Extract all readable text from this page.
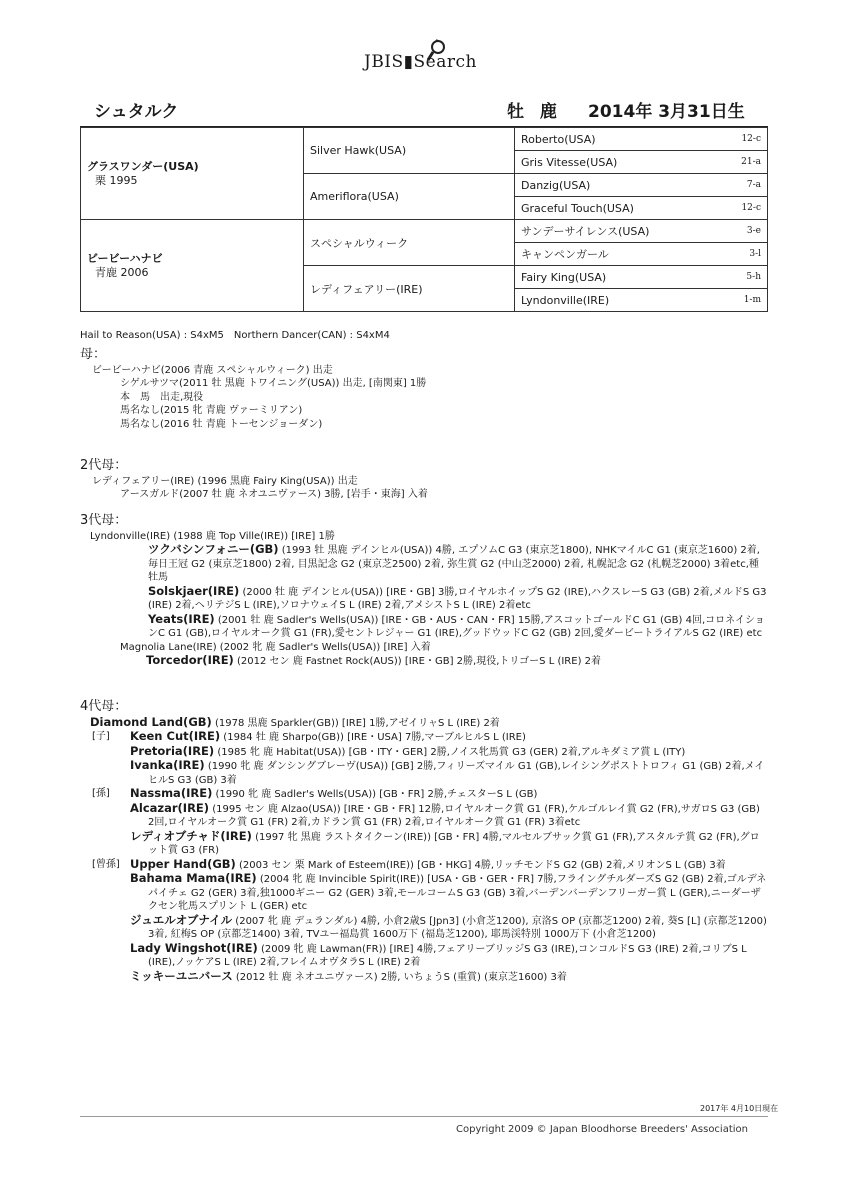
JBIS▮Search
シュタルク	牡 鹿 2014年 3月31日生
グラスワンダー(USA)
栗 1995	Silver Hawk(USA)	Roberto(USA)	12-c
		Gris Vitesse(USA)	21-a
	Ameriflora(USA)	Danzig(USA)	7-a
		Graceful Touch(USA)	12-c

ビービーハナビ
青鹿 2006	スペシャルウィーク	サンデーサイレンス(USA)	3-e
		キャンペンガール	3-l
	レディフェアリー(IRE)	Fairy King(USA)	5-h
		Lyndonville(IRE)	1-m
Hail to Reason(USA) : S4xM5　Northern Dancer(CAN) : S4xM4
母：
ビービーハナビ(2006 青鹿 スペシャルウィーク) 出走
シゲルサツマ(2011 牡 黒鹿 トワイニング(USA)) 出走, [南関東] 1勝
本　馬　出走,現役
馬名なし(2015 牝 青鹿 ヴァーミリアン)
馬名なし(2016 牡 青鹿 トーセンジョーダン)
2代母：
レディフェアリー(IRE) (1996 黒鹿 Fairy King(USA)) 出走
アースガルド(2007 牡 鹿 ネオユニヴァース) 3勝, [岩手・東海] 入着
3代母：
Lyndonville(IRE) (1988 鹿 Top Ville(IRE)) [IRE] 1勝
ツクバシンフォニー(GB) (1993 牡 黒鹿 デインヒル(USA)) 4勝, エプソムC G3 (東京芝1800), NHKマイルC G1 (東京芝1600) 2着, 毎日王冠 G2 (東京芝1800) 2着, 目黒記念 G2 (東京芝2500) 2着, 弥生賞 G2 (中山芝2000) 2着, 札幌記念 G2 (札幌芝2000) 3着etc,種牡馬
Solskjaer(IRE) (2000 牡 鹿 デインヒル(USA)) [IRE・GB] 3勝,ロイヤルホイップS G2 (IRE),ハクスレーS G3 (GB) 2着,メルドS G3 (IRE) 2着,ヘリテジS L (IRE),ソロナウェイS L (IRE) 2着,アメシストS L (IRE) 2着etc
Yeats(IRE) (2001 牡 鹿 Sadler's Wells(USA)) [IRE・GB・AUS・CAN・FR] 15勝,アスコットゴールドC G1 (GB) 4回,コロネイションC G1 (GB),ロイヤルオーク賞 G1 (FR),愛セントレジャー G1 (IRE),グッドウッドC G2 (GB) 2回,愛ダービートライアルS G2 (IRE) etc
Magnolia Lane(IRE) (2002 牝 鹿 Sadler's Wells(USA)) [IRE] 入着
Torcedor(IRE) (2012 セン 鹿 Fastnet Rock(AUS)) [IRE・GB] 2勝,現役,トリゴーS L (IRE) 2着
4代母：
Diamond Land(GB) (1978 黒鹿 Sparkler(GB)) [IRE] 1勝,アゼイリャS L (IRE) 2着
[子] Keen Cut(IRE) (1984 牡 鹿 Sharpo(GB)) [IRE・USA] 7勝,マーブルヒルS L (IRE)
Pretoria(IRE) (1985 牝 鹿 Habitat(USA)) [GB・ITY・GER] 2勝,ノイス牝馬賞 G3 (GER) 2着,アルキダミア賞 L (ITY)
Ivanka(IRE) (1990 牝 鹿 ダンシングブレーヴ(USA)) [GB] 2勝,フィリーズマイル G1 (GB),レイシングポストトロフィ G1 (GB) 2着,メイヒルS G3 (GB) 3着
[孫] Nassma(IRE) (1990 牝 鹿 Sadler's Wells(USA)) [GB・FR] 2勝,チェスターS L (GB)
Alcazar(IRE) (1995 セン 鹿 Alzao(USA)) [IRE・GB・FR] 12勝,ロイヤルオーク賞 G1 (FR),ケルゴルレイ賞 G2 (FR),サガロS G3 (GB) 2回,ロイヤルオーク賞 G1 (FR) 2着,カドラン賞 G1 (FR) 2着,ロイヤルオーク賞 G1 (FR) 3着etc
レディオブチャド(IRE) (1997 牝 黒鹿 ラストタイクーン(IRE)) [GB・FR] 4勝,マルセルブサック賞 G1 (FR),アスタルテ賞 G2 (FR),グロット賞 G3 (FR)
[曾孫] Upper Hand(GB) (2003 セン 栗 Mark of Esteem(IRE)) [GB・HKG] 4勝,リッチモンドS G2 (GB) 2着,メリオンS L (GB) 3着
Bahama Mama(IRE) (2004 牝 鹿 Invincible Spirit(IRE)) [USA・GB・GER・FR] 7勝,フライングチルダーズS G2 (GB) 2着,ゴルデネパイチェ G2 (GER) 3着,独1000ギニー G2 (GER) 3着,モールコームS G3 (GB) 3着,バーデンバーデンフリーガー賞 L (GER),ニーダーザクセン牝馬スプリント L (GER) etc
ジュエルオブナイル (2007 牝 鹿 デュランダル) 4勝, 小倉2歳S [Jpn3] (小倉芝1200), 京洛S OP (京都芝1200) 2着, 葵S [L] (京都芝1200) 3着, 紅梅S OP (京都芝1400) 3着, TVユー福島賞 1600万下 (福島芝1200), 耶馬渓特別 1000万下 (小倉芝1200)
Lady Wingshot(IRE) (2009 牝 鹿 Lawman(FR)) [IRE] 4勝,フェアリーブリッジS G3 (IRE),コンコルドS G3 (IRE) 2着,コリブS L (IRE),ノッケアS L (IRE) 2着,フレイムオヴタラS L (IRE) 2着
ミッキーユニバース (2012 牡 鹿 ネオユニヴァース) 2勝, いちょうS (重賞) (東京芝1600) 3着
2017年 4月10日現在
Copyright 2009 © Japan Bloodhorse Breeders' Association
